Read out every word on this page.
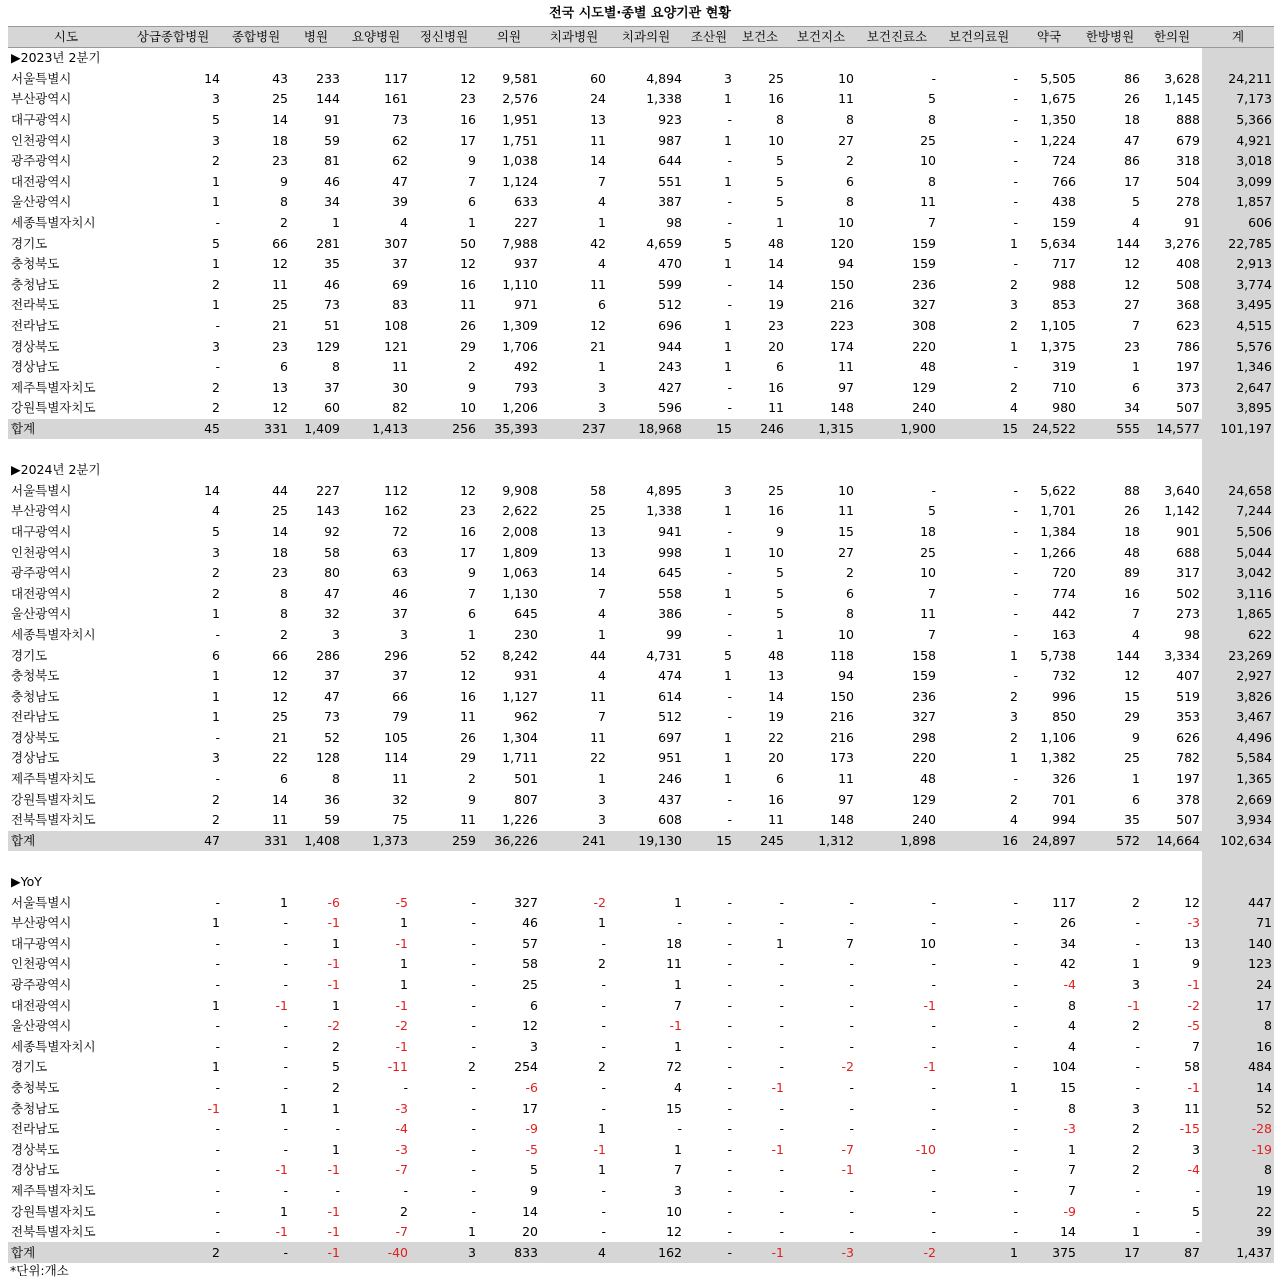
전국 시도별·종별 요양기관 현황
시도	상급종합병원	종합병원	병원	요양병원	정신병원	의원	치과병원	치과의원	조산원	보건소	보건지소	보건진료소	보건의료원	약국	한방병원	한의원	계
▶2023년 2분기																	
서울특별시	14	43	233	117	12	9,581	60	4,894	3	25	10	-	-	5,505	86	3,628	24,211
부산광역시	3	25	144	161	23	2,576	24	1,338	1	16	11	5	-	1,675	26	1,145	7,173
대구광역시	5	14	91	73	16	1,951	13	923	-	8	8	8	-	1,350	18	888	5,366
인천광역시	3	18	59	62	17	1,751	11	987	1	10	27	25	-	1,224	47	679	4,921
광주광역시	2	23	81	62	9	1,038	14	644	-	5	2	10	-	724	86	318	3,018
대전광역시	1	9	46	47	7	1,124	7	551	1	5	6	8	-	766	17	504	3,099
울산광역시	1	8	34	39	6	633	4	387	-	5	8	11	-	438	5	278	1,857
세종특별자치시	-	2	1	4	1	227	1	98	-	1	10	7	-	159	4	91	606
경기도	5	66	281	307	50	7,988	42	4,659	5	48	120	159	1	5,634	144	3,276	22,785
충청북도	1	12	35	37	12	937	4	470	1	14	94	159	-	717	12	408	2,913
충청남도	2	11	46	69	16	1,110	11	599	-	14	150	236	2	988	12	508	3,774
전라북도	1	25	73	83	11	971	6	512	-	19	216	327	3	853	27	368	3,495
전라남도	-	21	51	108	26	1,309	12	696	1	23	223	308	2	1,105	7	623	4,515
경상북도	3	23	129	121	29	1,706	21	944	1	20	174	220	1	1,375	23	786	5,576
경상남도	-	6	8	11	2	492	1	243	1	6	11	48	-	319	1	197	1,346
제주특별자치도	2	13	37	30	9	793	3	427	-	16	97	129	2	710	6	373	2,647
강원특별자치도	2	12	60	82	10	1,206	3	596	-	11	148	240	4	980	34	507	3,895
합계	45	331	1,409	1,413	256	35,393	237	18,968	15	246	1,315	1,900	15	24,522	555	14,577	101,197

▶2024년 2분기																	
서울특별시	14	44	227	112	12	9,908	58	4,895	3	25	10	-	-	5,622	88	3,640	24,658
부산광역시	4	25	143	162	23	2,622	25	1,338	1	16	11	5	-	1,701	26	1,142	7,244
대구광역시	5	14	92	72	16	2,008	13	941	-	9	15	18	-	1,384	18	901	5,506
인천광역시	3	18	58	63	17	1,809	13	998	1	10	27	25	-	1,266	48	688	5,044
광주광역시	2	23	80	63	9	1,063	14	645	-	5	2	10	-	720	89	317	3,042
대전광역시	2	8	47	46	7	1,130	7	558	1	5	6	7	-	774	16	502	3,116
울산광역시	1	8	32	37	6	645	4	386	-	5	8	11	-	442	7	273	1,865
세종특별자치시	-	2	3	3	1	230	1	99	-	1	10	7	-	163	4	98	622
경기도	6	66	286	296	52	8,242	44	4,731	5	48	118	158	1	5,738	144	3,334	23,269
충청북도	1	12	37	37	12	931	4	474	1	13	94	159	-	732	12	407	2,927
충청남도	1	12	47	66	16	1,127	11	614	-	14	150	236	2	996	15	519	3,826
전라남도	1	25	73	79	11	962	7	512	-	19	216	327	3	850	29	353	3,467
경상북도	-	21	52	105	26	1,304	11	697	1	22	216	298	2	1,106	9	626	4,496
경상남도	3	22	128	114	29	1,711	22	951	1	20	173	220	1	1,382	25	782	5,584
제주특별자치도	-	6	8	11	2	501	1	246	1	6	11	48	-	326	1	197	1,365
강원특별자치도	2	14	36	32	9	807	3	437	-	16	97	129	2	701	6	378	2,669
전북특별자치도	2	11	59	75	11	1,226	3	608	-	11	148	240	4	994	35	507	3,934
합계	47	331	1,408	1,373	259	36,226	241	19,130	15	245	1,312	1,898	16	24,897	572	14,664	102,634

▶YoY																	
서울특별시	-	1	-6	-5	-	327	-2	1	-	-	-	-	-	117	2	12	447
부산광역시	1	-	-1	1	-	46	1	-	-	-	-	-	-	26	-	-3	71
대구광역시	-	-	1	-1	-	57	-	18	-	1	7	10	-	34	-	13	140
인천광역시	-	-	-1	1	-	58	2	11	-	-	-	-	-	42	1	9	123
광주광역시	-	-	-1	1	-	25	-	1	-	-	-	-	-	-4	3	-1	24
대전광역시	1	-1	1	-1	-	6	-	7	-	-	-	-1	-	8	-1	-2	17
울산광역시	-	-	-2	-2	-	12	-	-1	-	-	-	-	-	4	2	-5	8
세종특별자치시	-	-	2	-1	-	3	-	1	-	-	-	-	-	4	-	7	16
경기도	1	-	5	-11	2	254	2	72	-	-	-2	-1	-	104	-	58	484
충청북도	-	-	2	-	-	-6	-	4	-	-1	-	-	1	15	-	-1	14
충청남도	-1	1	1	-3	-	17	-	15	-	-	-	-	-	8	3	11	52
전라남도	-	-	-	-4	-	-9	1	-	-	-	-	-	-	-3	2	-15	-28
경상북도	-	-	1	-3	-	-5	-1	1	-	-1	-7	-10	-	1	2	3	-19
경상남도	-	-1	-1	-7	-	5	1	7	-	-	-1	-	-	7	2	-4	8
제주특별자치도	-	-	-	-	-	9	-	3	-	-	-	-	-	7	-	-	19
강원특별자치도	-	1	-1	2	-	14	-	10	-	-	-	-	-	-9	-	5	22
전북특별자치도	-	-1	-1	-7	1	20	-	12	-	-	-	-	-	14	1	-	39
합계	2	-	-1	-40	3	833	4	162	-	-1	-3	-2	1	375	17	87	1,437
*단위:개소
